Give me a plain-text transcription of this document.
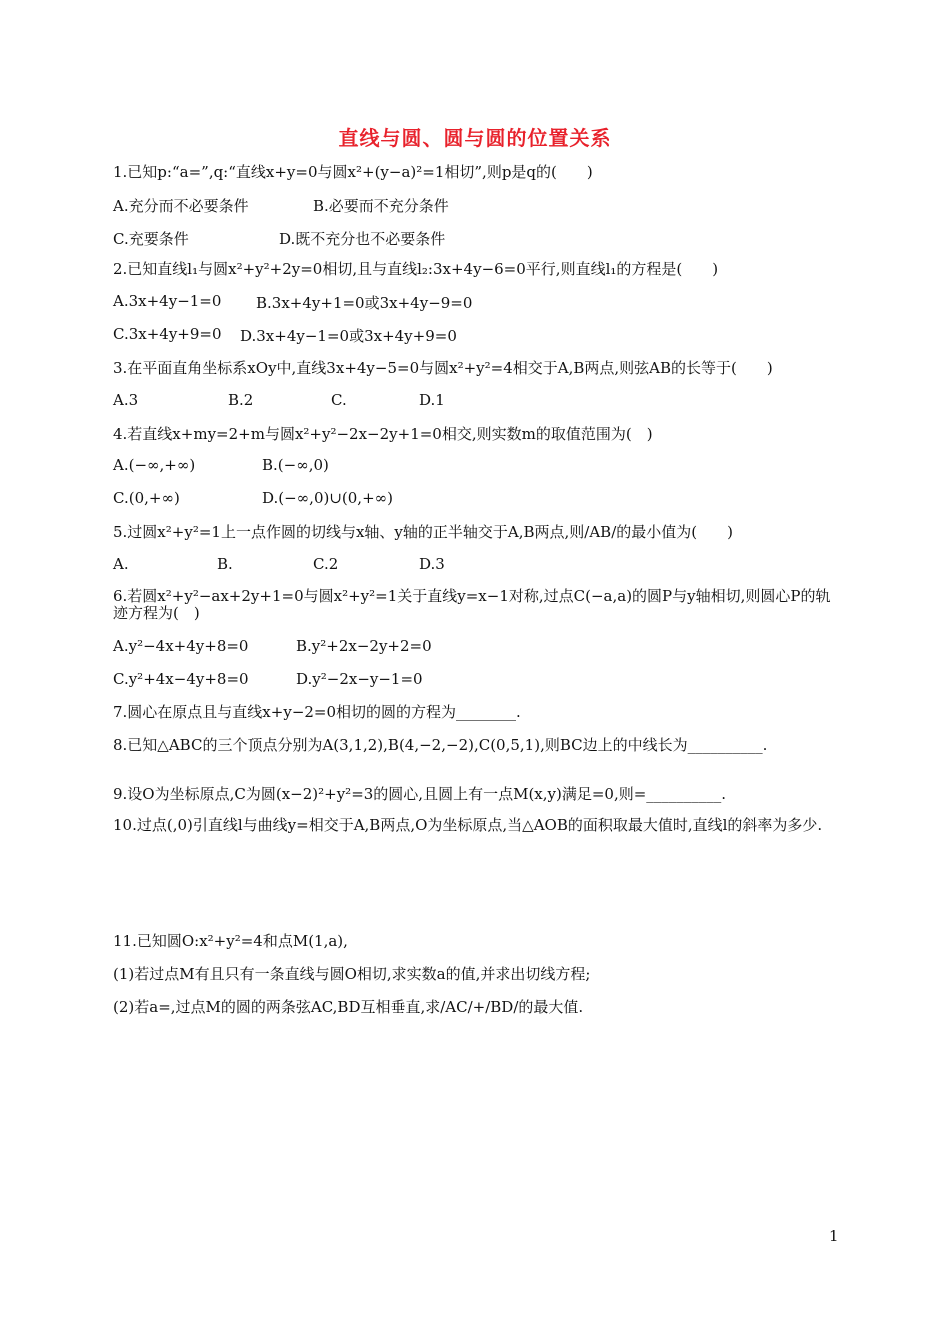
直线与圆、圆与圆的位置关系
1.已知p:“a=”,q:“直线x+y=0与圆x²+(y−a)²=1相切”,则p是q的(　　)
A.充分而不必要条件	B.必要而不充分条件
C.充要条件	D.既不充分也不必要条件
2.已知直线l₁与圆x²+y²+2y=0相切,且与直线l₂:3x+4y−6=0平行,则直线l₁的方程是(　　)
A.3x+4y−1=0 B.3x+4y+1=0或3x+4y−9=0
C.3x+4y+9=0 D.3x+4y−1=0或3x+4y+9=0
3.在平面直角坐标系xOy中,直线3x+4y−5=0与圆x²+y²=4相交于A,B两点,则弦AB的长等于(　　)
A.3	B.2	C.	D.1
4.若直线x+my=2+m与圆x²+y²−2x−2y+1=0相交,则实数m的取值范围为(　)
A.(−∞,+∞)	B.(−∞,0)
C.(0,+∞)	D.(−∞,0)∪(0,+∞)
5.过圆x²+y²=1上一点作圆的切线与x轴、y轴的正半轴交于A,B两点,则/AB/的最小值为(　　)
A.	B.	C.2	D.3
6.若圆x²+y²−ax+2y+1=0与圆x²+y²=1关于直线y=x−1对称,过点C(−a,a)的圆P与y轴相切,则圆心P的轨迹方程为(　)
A.y²−4x+4y+8=0	B.y²+2x−2y+2=0
C.y²+4x−4y+8=0	D.y²−2x−y−1=0
7.圆心在原点且与直线x+y−2=0相切的圆的方程为________.
8.已知△ABC的三个顶点分别为A(3,1,2),B(4,−2,−2),C(0,5,1),则BC边上的中线长为__________.
9.设O为坐标原点,C为圆(x−2)²+y²=3的圆心,且圆上有一点M(x,y)满足=0,则=__________.
10.过点(,0)引直线l与曲线y=相交于A,B两点,O为坐标原点,当△AOB的面积取最大值时,直线l的斜率为多少.
11.已知圆O:x²+y²=4和点M(1,a),
(1)若过点M有且只有一条直线与圆O相切,求实数a的值,并求出切线方程;
(2)若a=,过点M的圆的两条弦AC,BD互相垂直,求/AC/+/BD/的最大值.
1
